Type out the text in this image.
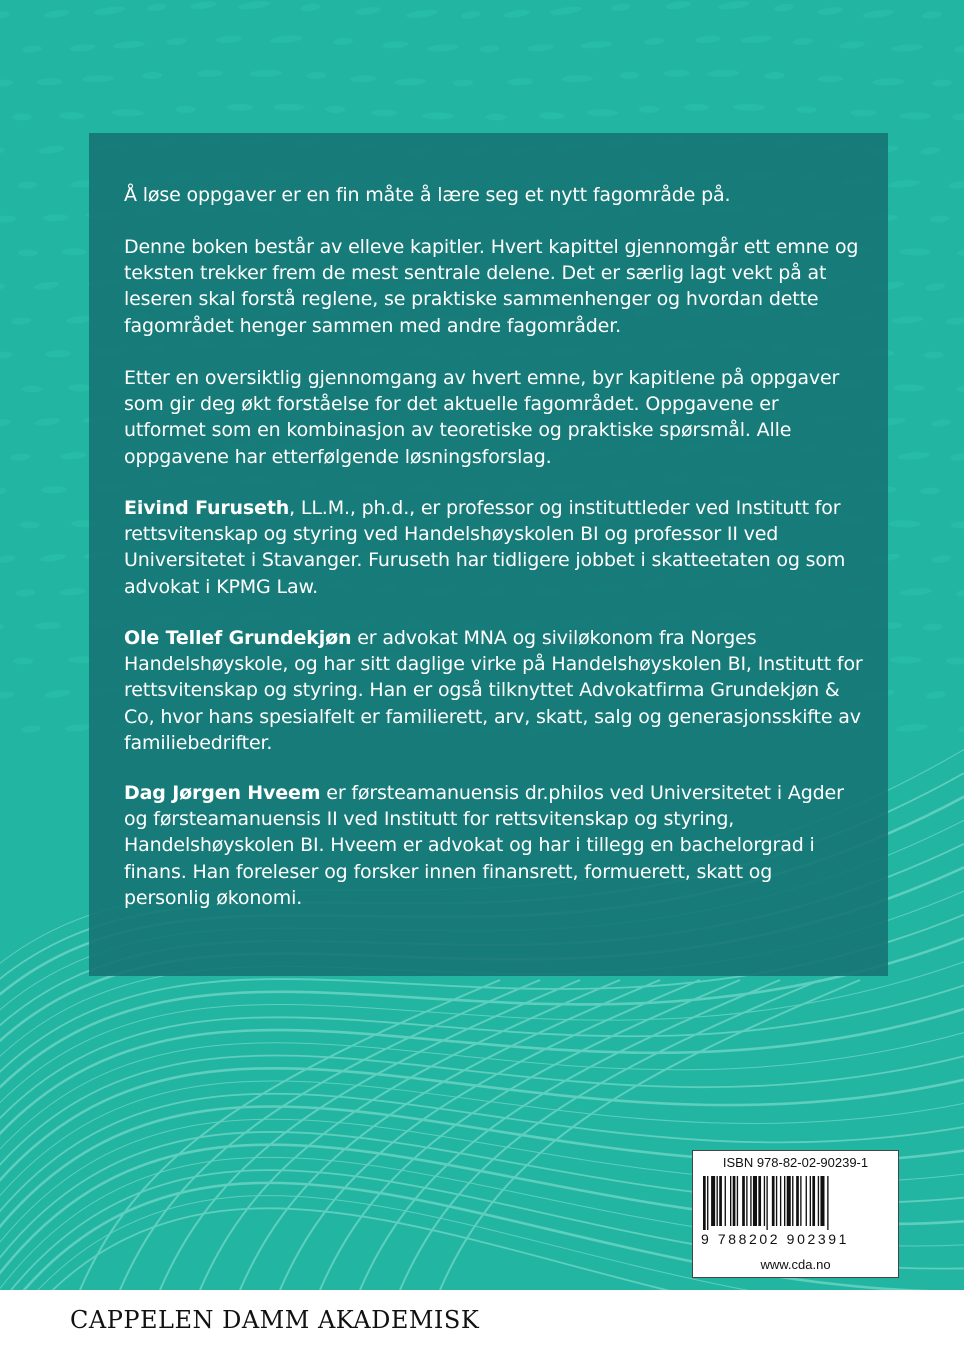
Å løse oppgaver er en fin måte å lære seg et nytt fagområde på.

Denne boken består av elleve kapitler. Hvert kapittel gjennomgår ett emne og teksten trekker frem de mest sentrale delene. Det er særlig lagt vekt på at leseren skal forstå reglene, se praktiske sammenhenger og hvordan dette fagområdet henger sammen med andre fagområder.

Etter en oversiktlig gjennomgang av hvert emne, byr kapitlene på oppgaver som gir deg økt forståelse for det aktuelle fagområdet. Oppgavene er utformet som en kombinasjon av teoretiske og praktiske spørsmål. Alle oppgavene har etterfølgende løsningsforslag.

Eivind Furuseth, LL.M., ph.d., er professor og instituttleder ved Institutt for rettsvitenskap og styring ved Handelshøyskolen BI og professor II ved Universitetet i Stavanger. Furuseth har tidligere jobbet i skatteetaten og som advokat i KPMG Law.

Ole Tellef Grundekjøn er advokat MNA og siviløkonom fra Norges Handelshøyskole, og har sitt daglige virke på Handelshøyskolen BI, Institutt for rettsvitenskap og styring. Han er også tilknyttet Advokatfirma Grundekjøn & Co, hvor hans spesialfelt er familierett, arv, skatt, salg og generasjonsskifte av familiebedrifter.

Dag Jørgen Hveem er førsteamanuensis dr.philos ved Universitetet i Agder og førsteamanuensis II ved Institutt for rettsvitenskap og styring, Handelshøyskolen BI. Hveem er advokat og har i tillegg en bachelorgrad i finans. Han foreleser og forsker innen finansrett, formuerett, skatt og personlig økonomi.

ISBN 978-82-02-90239-1
9 788202 902391
www.cda.no
CAPPELEN DAMM AKADEMISK
